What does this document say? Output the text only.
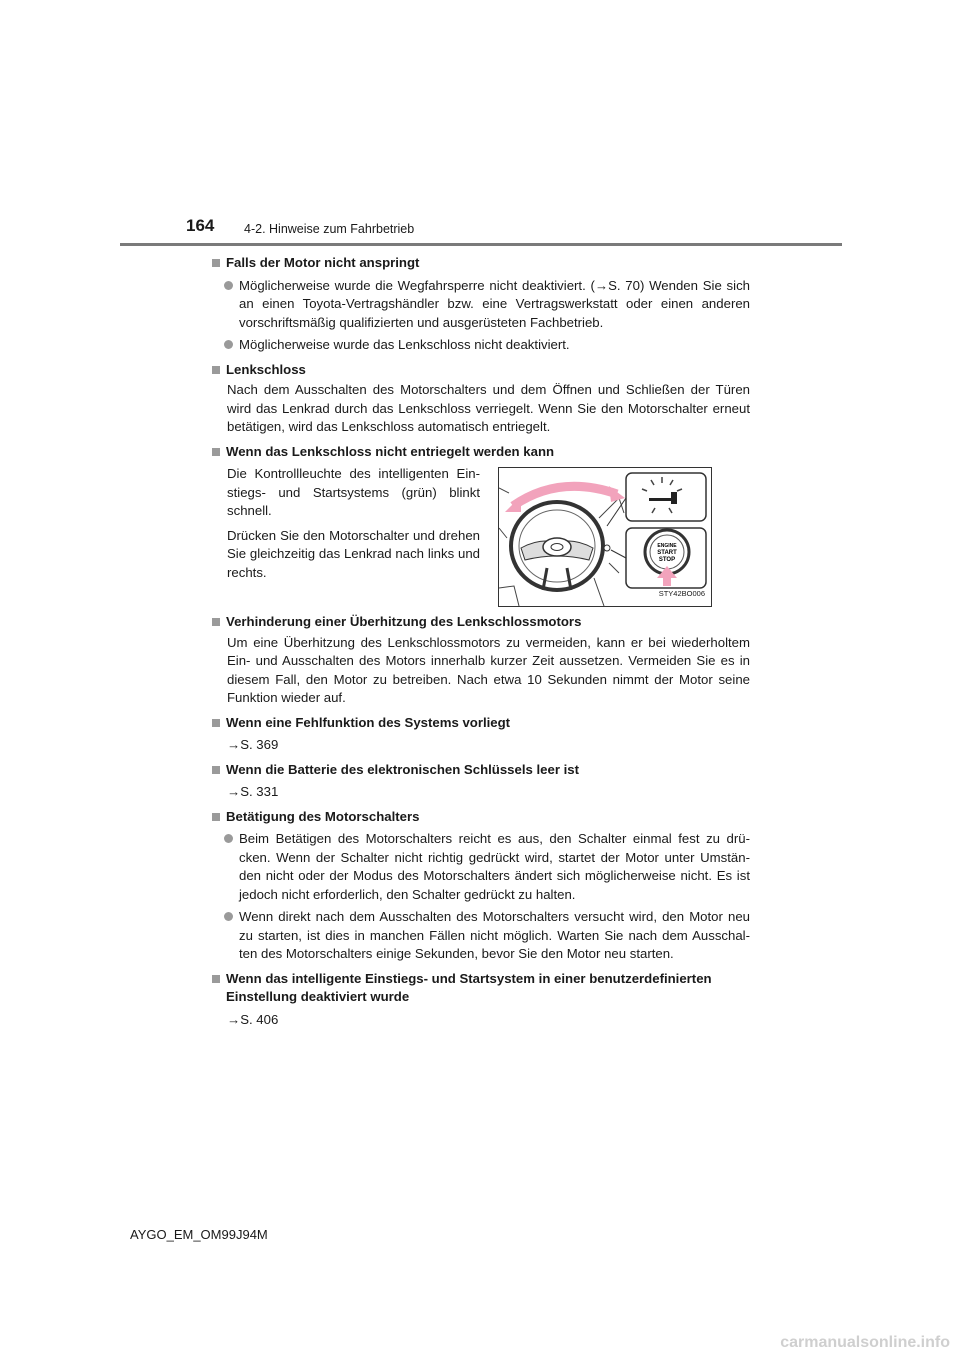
164 4-2. Hinweise zum Fahrbetrieb
Falls der Motor nicht anspringt
Möglicherweise wurde die Wegfahrsperre nicht deaktiviert. (→S. 70) Wenden Sie sich an einen Toyota-Vertragshändler bzw. eine Vertragswerkstatt oder einen anderen vorschriftsmäßig qualifizierten und ausgerüsteten Fachbetrieb.
Möglicherweise wurde das Lenkschloss nicht deaktiviert.
Lenkschloss
Nach dem Ausschalten des Motorschalters und dem Öffnen und Schließen der Türen wird das Lenkrad durch das Lenkschloss verriegelt. Wenn Sie den Motorschalter erneut betätigen, wird das Lenkschloss automatisch entriegelt.
Wenn das Lenkschloss nicht entriegelt werden kann
Die Kontrollleuchte des intelligenten Ein- stiegs- und Startsystems (grün) blinkt schnell.
Drücken Sie den Motorschalter und drehen Sie gleichzeitig das Lenkrad nach links und rechts.
ENGINE
START
STOP
STY42BO006
Verhinderung einer Überhitzung des Lenkschlossmotors
Um eine Überhitzung des Lenkschlossmotors zu vermeiden, kann er bei wiederholtem Ein- und Ausschalten des Motors innerhalb kurzer Zeit aussetzen. Vermeiden Sie es in diesem Fall, den Motor zu betreiben. Nach etwa 10 Sekunden nimmt der Motor seine Funktion wieder auf.
Wenn eine Fehlfunktion des Systems vorliegt
→S. 369
Wenn die Batterie des elektronischen Schlüssels leer ist
→S. 331
Betätigung des Motorschalters
Beim Betätigen des Motorschalters reicht es aus, den Schalter einmal fest zu drü- cken. Wenn der Schalter nicht richtig gedrückt wird, startet der Motor unter Umstän- den nicht oder der Modus des Motorschalters ändert sich möglicherweise nicht. Es ist jedoch nicht erforderlich, den Schalter gedrückt zu halten.
Wenn direkt nach dem Ausschalten des Motorschalters versucht wird, den Motor neu zu starten, ist dies in manchen Fällen nicht möglich. Warten Sie nach dem Ausschal- ten des Motorschalters einige Sekunden, bevor Sie den Motor neu starten.
Wenn das intelligente Einstiegs- und Startsystem in einer benutzerdefinierten Einstellung deaktiviert wurde
→S. 406
AYGO_EM_OM99J94M
carmanualsonline.info
